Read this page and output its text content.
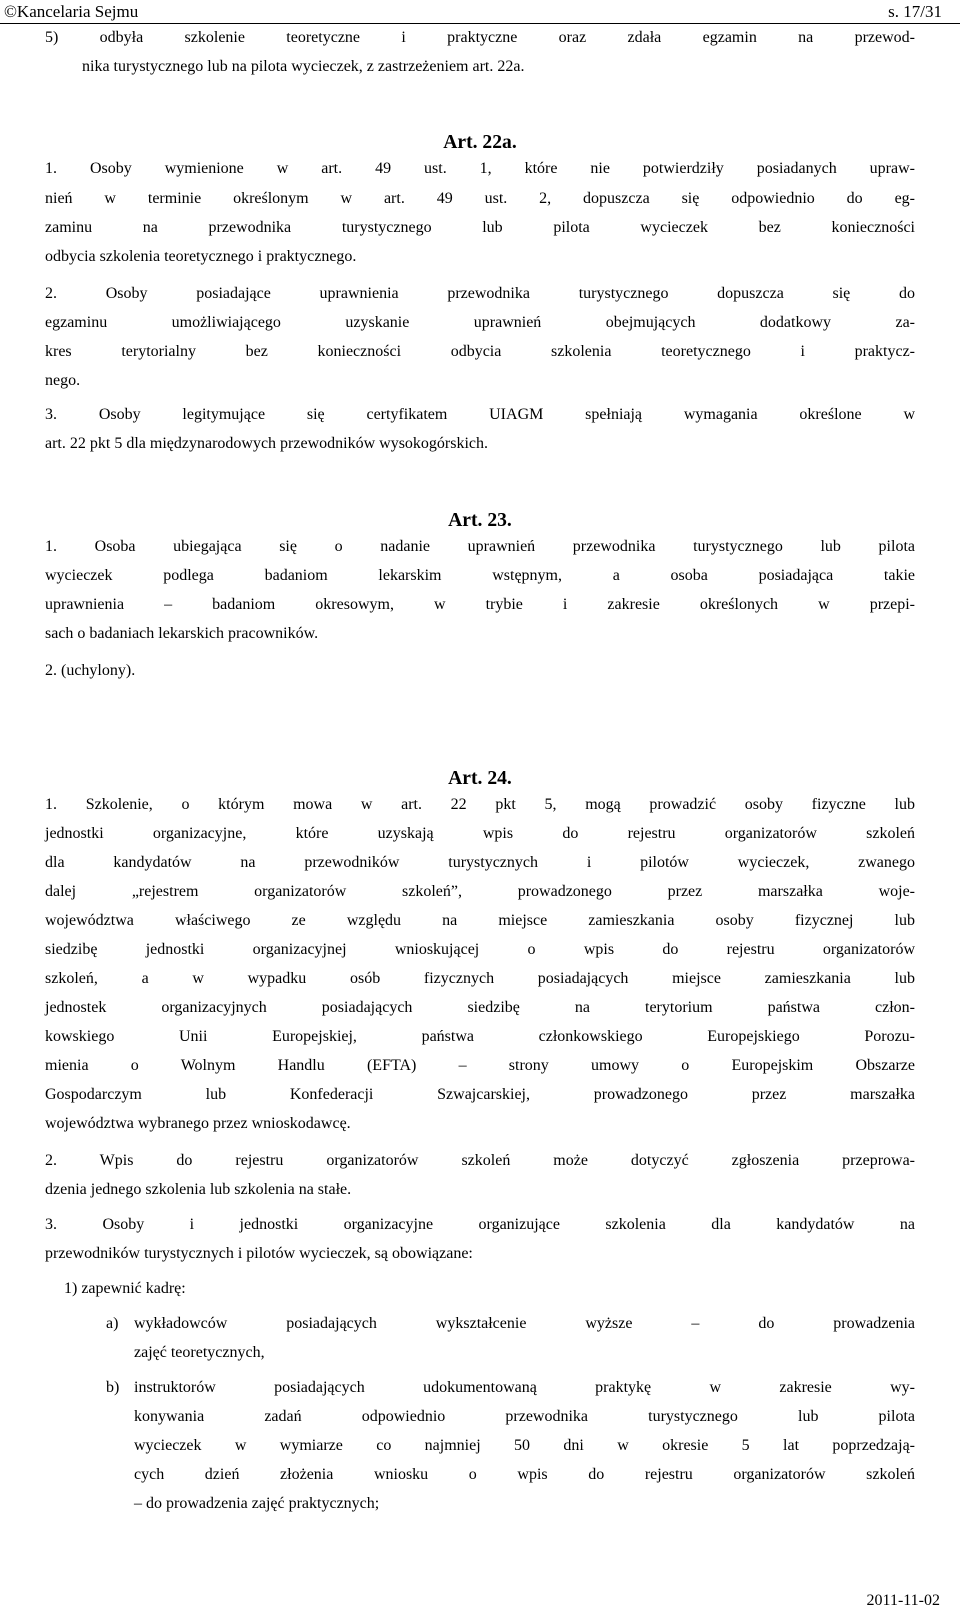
©Kancelaria Sejmu	s. 17/31
5) odbyła szkolenie teoretyczne i praktyczne oraz zdała egzamin na przewod-
nika turystycznego lub na pilota wycieczek, z zastrzeżeniem art. 22a.
Art. 22a.
1. Osoby wymienione w art. 49 ust. 1, które nie potwierdziły posiadanych upraw-
nień w terminie określonym w art. 49 ust. 2, dopuszcza się odpowiednio do eg-
zaminu na przewodnika turystycznego lub pilota wycieczek bez konieczności
odbycia szkolenia teoretycznego i praktycznego.
2. Osoby posiadające uprawnienia przewodnika turystycznego dopuszcza się do
egzaminu umożliwiającego uzyskanie uprawnień obejmujących dodatkowy za-
kres terytorialny bez konieczności odbycia szkolenia teoretycznego i praktycz-
nego.
3. Osoby legitymujące się certyfikatem UIAGM spełniają wymagania określone w
art. 22 pkt 5 dla międzynarodowych przewodników wysokogórskich.
Art. 23.
1. Osoba ubiegająca się o nadanie uprawnień przewodnika turystycznego lub pilota
wycieczek podlega badaniom lekarskim wstępnym, a osoba posiadająca takie
uprawnienia – badaniom okresowym, w trybie i zakresie określonych w przepi-
sach o badaniach lekarskich pracowników.
2. (uchylony).
Art. 24.
1. Szkolenie, o którym mowa w art. 22 pkt 5, mogą prowadzić osoby fizyczne lub
jednostki organizacyjne, które uzyskają wpis do rejestru organizatorów szkoleń
dla kandydatów na przewodników turystycznych i pilotów wycieczek, zwanego
dalej „rejestrem organizatorów szkoleń”, prowadzonego przez marszałka woje-
województwa właściwego ze względu na miejsce zamieszkania osoby fizycznej lub
siedzibę jednostki organizacyjnej wnioskującej o wpis do rejestru organizatorów
szkoleń, a w wypadku osób fizycznych posiadających miejsce zamieszkania lub
jednostek organizacyjnych posiadających siedzibę na terytorium państwa człon-
kowskiego Unii Europejskiej, państwa członkowskiego Europejskiego Porozu-
mienia o Wolnym Handlu (EFTA) – strony umowy o Europejskim Obszarze
Gospodarczym lub Konfederacji Szwajcarskiej, prowadzonego przez marszałka
województwa wybranego przez wnioskodawcę.
2. Wpis do rejestru organizatorów szkoleń może dotyczyć zgłoszenia przeprowa-
dzenia jednego szkolenia lub szkolenia na stałe.
3. Osoby i jednostki organizacyjne organizujące szkolenia dla kandydatów na
przewodników turystycznych i pilotów wycieczek, są obowiązane:
1) zapewnić kadrę:
a) wykładowców posiadających wykształcenie wyższe – do prowadzenia
zajęć teoretycznych,
b) instruktorów posiadających udokumentowaną praktykę w zakresie wy-
konywania zadań odpowiednio przewodnika turystycznego lub pilota
wycieczek w wymiarze co najmniej 50 dni w okresie 5 lat poprzedzają-
cych dzień złożenia wniosku o wpis do rejestru organizatorów szkoleń
– do prowadzenia zajęć praktycznych;
2011-11-02
